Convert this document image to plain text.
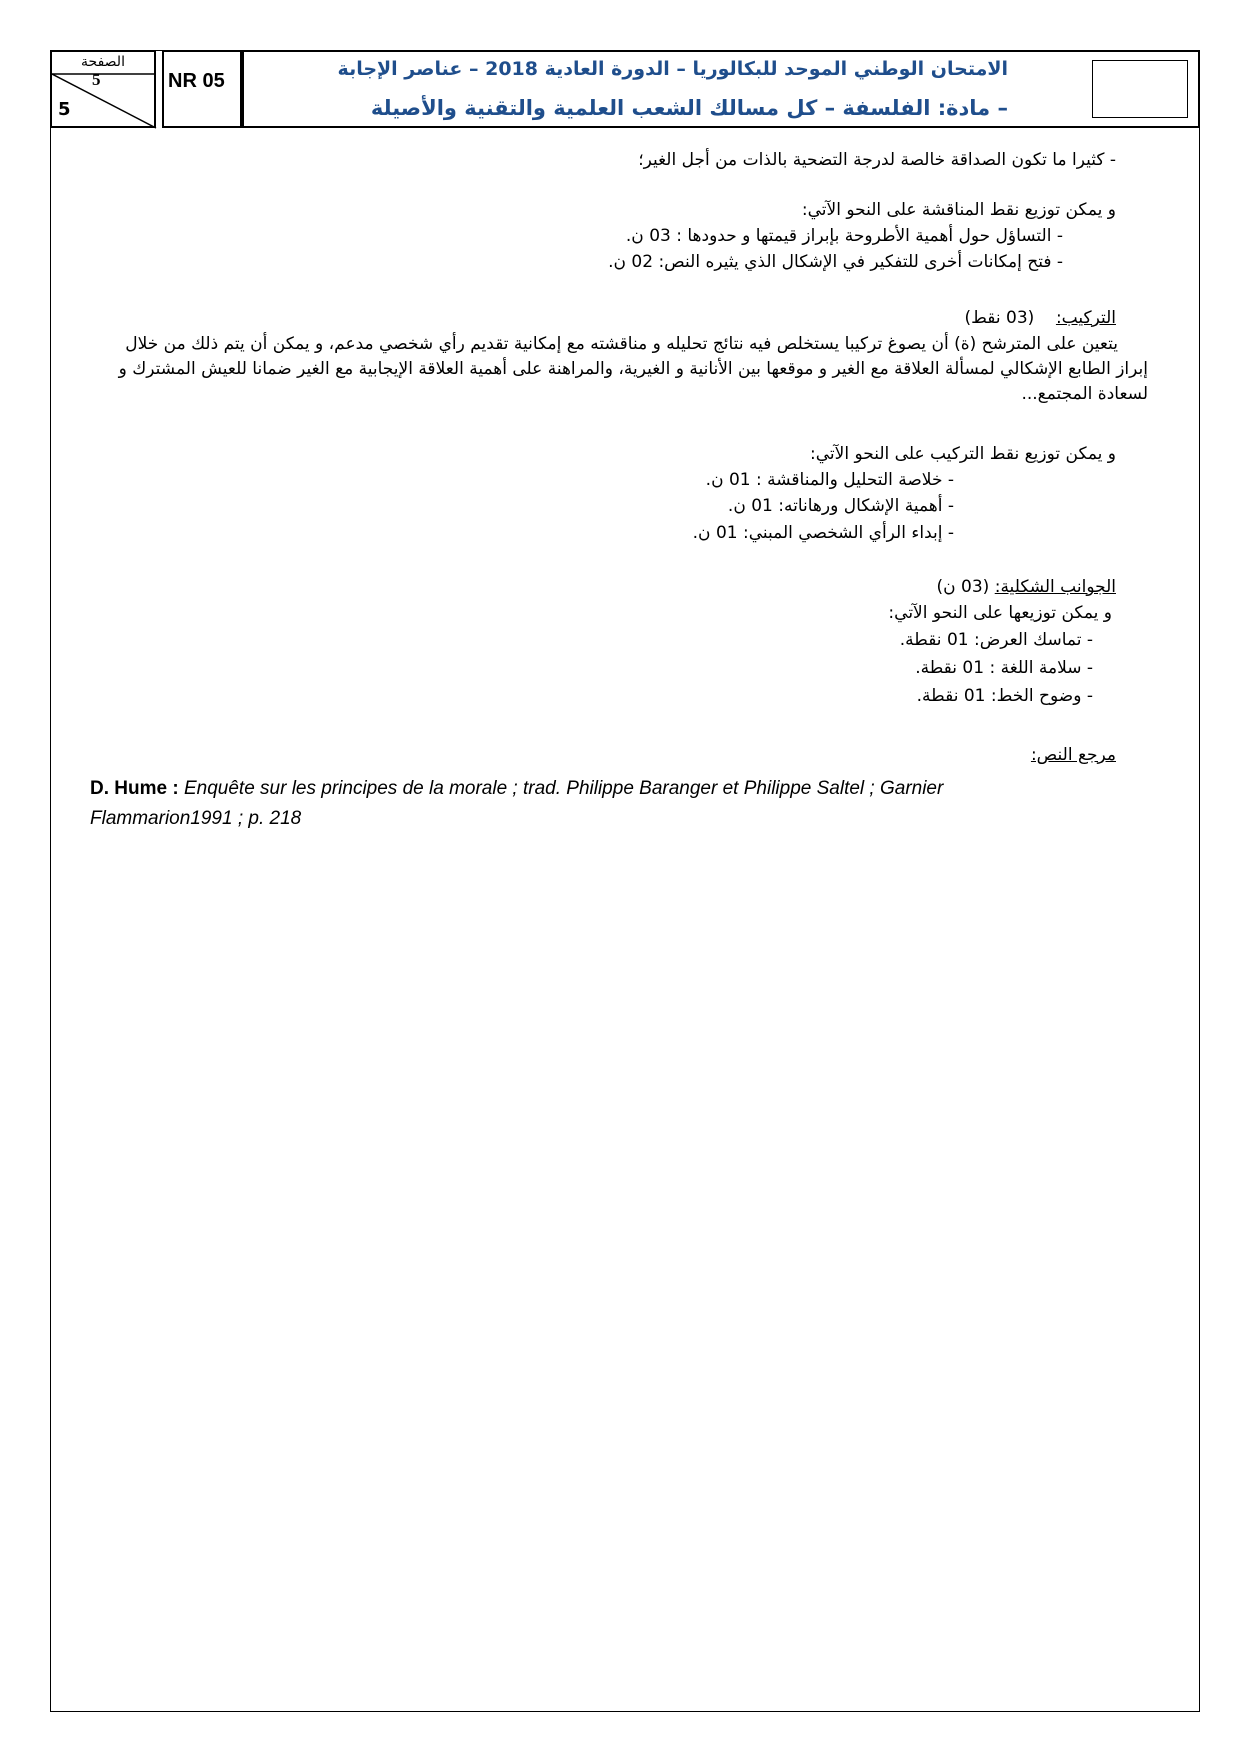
الصفحة
5
5
NR 05
الامتحان الوطني الموحد للبكالوريا – الدورة العادية 2018 – عناصر الإجابة
– مادة: الفلسفة – كل مسالك الشعب العلمية والتقنية والأصيلة
- كثيرا ما تكون الصداقة خالصة لدرجة التضحية بالذات من أجل الغير؛
و يمكن توزيع نقط المناقشة على النحو الآتي:
- التساؤل حول أهمية الأطروحة بإبراز قيمتها و حدودها : 03 ن.
- فتح إمكانات أخرى للتفكير في الإشكال الذي يثيره النص: 02 ن.
التركيب:    (03 نقط)
يتعين على المترشح (ة) أن يصوغ تركيبا يستخلص فيه نتائج تحليله و مناقشته مع إمكانية تقديم رأي شخصي مدعم، و يمكن أن يتم ذلك من خلال إبراز الطابع الإشكالي لمسألة العلاقة مع الغير و موقعها بين الأنانية و الغيرية، والمراهنة على أهمية العلاقة الإيجابية مع الغير ضمانا للعيش المشترك و لسعادة المجتمع...
و يمكن توزيع نقط التركيب على النحو الآتي:
- خلاصة التحليل والمناقشة : 01 ن.
- أهمية الإشكال ورهاناته: 01 ن.
- إبداء الرأي الشخصي المبني: 01 ن.
الجوانب الشكلية: (03 ن)
و يمكن توزيعها على النحو الآتي:
- تماسك العرض: 01 نقطة.
- سلامة اللغة : 01 نقطة.
- وضوح الخط: 01 نقطة.
مرجع النص:
D. Hume : Enquête sur les principes de la morale ; trad. Philippe Baranger et Philippe Saltel ; Garnier Flammarion1991 ; p. 218
